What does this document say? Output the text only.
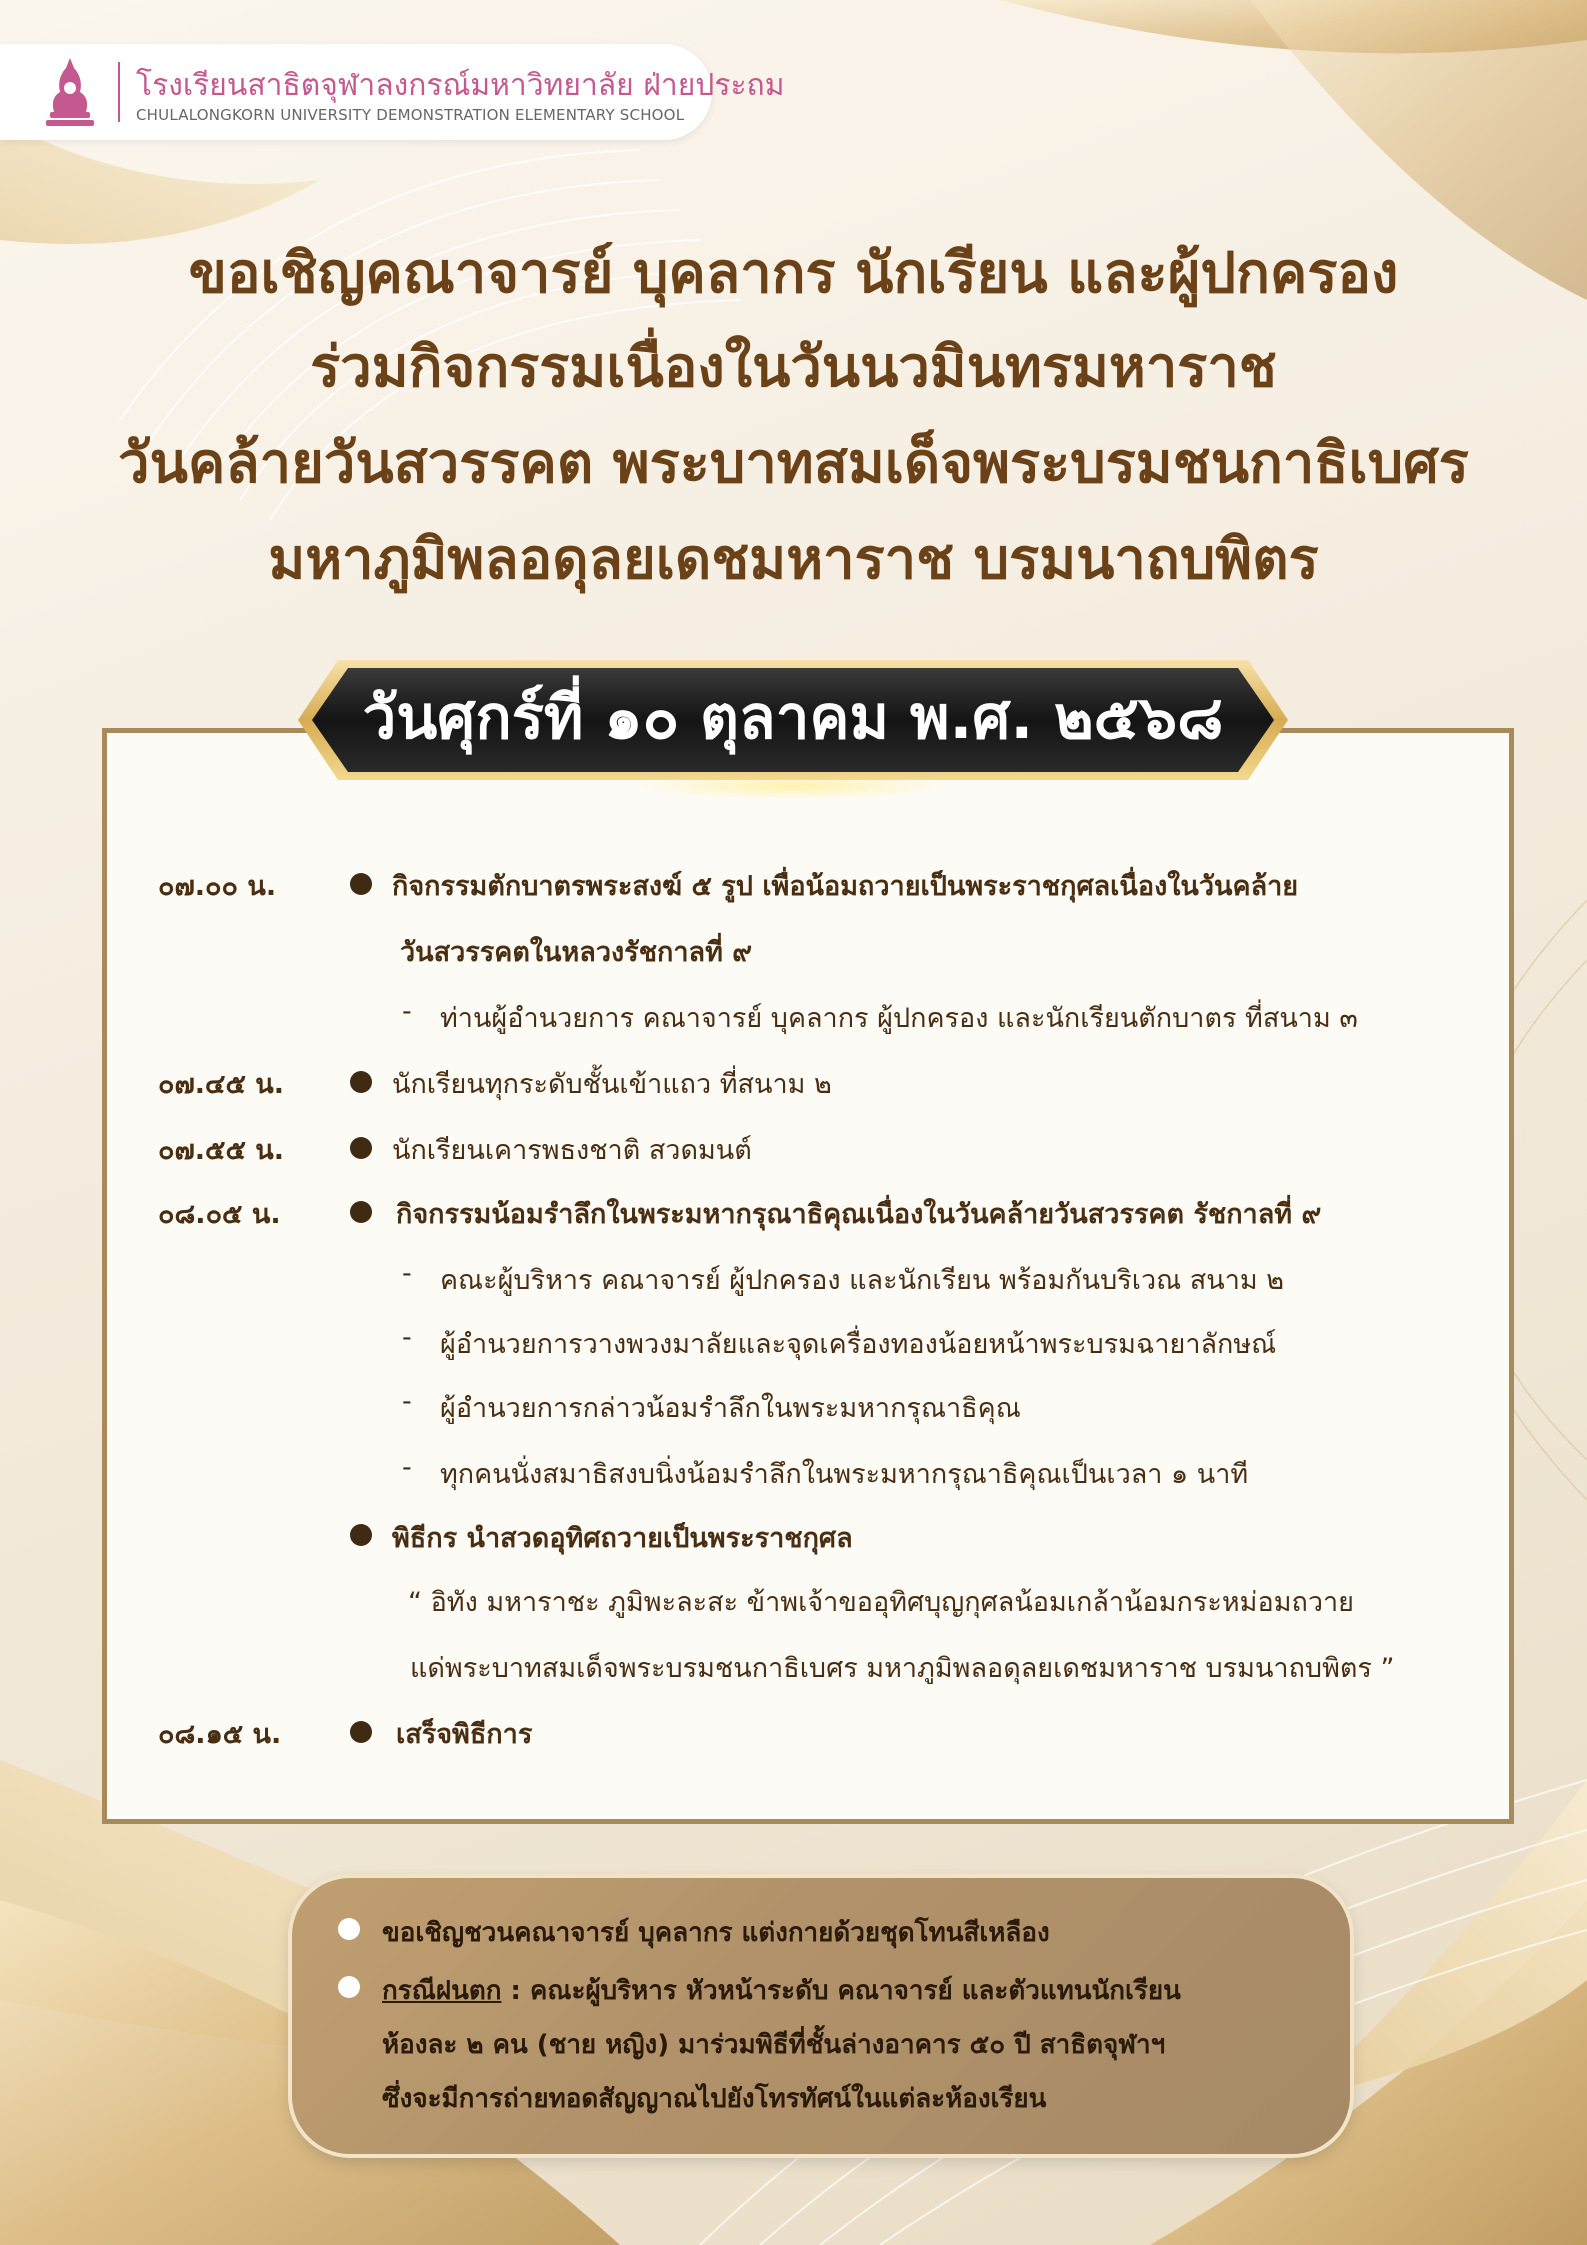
โรงเรียนสาธิตจุฬาลงกรณ์มหาวิทยาลัย ฝ่ายประถม
CHULALONGKORN UNIVERSITY DEMONSTRATION ELEMENTARY SCHOOL
ขอเชิญคณาจารย์ บุคลากร นักเรียน และผู้ปกครอง
ร่วมกิจกรรมเนื่องในวันนวมินทรมหาราช
วันคล้ายวันสวรรคต พระบาทสมเด็จพระบรมชนกาธิเบศร
มหาภูมิพลอดุลยเดชมหาราช บรมนาถบพิตร
วันศุกร์ที่ ๑๐ ตุลาคม พ.ศ. ๒๕๖๘
๐๗.๐๐ น.	กิจกรรมตักบาตรพระสงฆ์ ๕ รูป เพื่อน้อมถวายเป็นพระราชกุศลเนื่องในวันคล้าย
วันสวรรคตในหลวงรัชกาลที่ ๙
- ท่านผู้อำนวยการ คณาจารย์ บุคลากร ผู้ปกครอง และนักเรียนตักบาตร ที่สนาม ๓
๐๗.๔๕ น.	นักเรียนทุกระดับชั้นเข้าแถว ที่สนาม ๒
๐๗.๕๕ น.	นักเรียนเคารพธงชาติ สวดมนต์
๐๘.๐๕ น.	กิจกรรมน้อมรำลึกในพระมหากรุณาธิคุณเนื่องในวันคล้ายวันสวรรคต รัชกาลที่ ๙
- คณะผู้บริหาร คณาจารย์ ผู้ปกครอง และนักเรียน พร้อมกันบริเวณ สนาม ๒
- ผู้อำนวยการวางพวงมาลัยและจุดเครื่องทองน้อยหน้าพระบรมฉายาลักษณ์
- ผู้อำนวยการกล่าวน้อมรำลึกในพระมหากรุณาธิคุณ
- ทุกคนนั่งสมาธิสงบนิ่งน้อมรำลึกในพระมหากรุณาธิคุณเป็นเวลา ๑ นาที
พิธีกร นำสวดอุทิศถวายเป็นพระราชกุศล
“ อิทัง มหาราชะ ภูมิพะละสะ ข้าพเจ้าขออุทิศบุญกุศลน้อมเกล้าน้อมกระหม่อมถวาย
แด่พระบาทสมเด็จพระบรมชนกาธิเบศร มหาภูมิพลอดุลยเดชมหาราช บรมนาถบพิตร ”
๐๘.๑๕ น.	เสร็จพิธีการ
ขอเชิญชวนคณาจารย์ บุคลากร แต่งกายด้วยชุดโทนสีเหลือง
กรณีฝนตก : คณะผู้บริหาร หัวหน้าระดับ คณาจารย์ และตัวแทนนักเรียน
ห้องละ ๒ คน (ชาย หญิง) มาร่วมพิธีที่ชั้นล่างอาคาร ๕๐ ปี สาธิตจุฬาฯ
ซึ่งจะมีการถ่ายทอดสัญญาณไปยังโทรทัศน์ในแต่ละห้องเรียน
